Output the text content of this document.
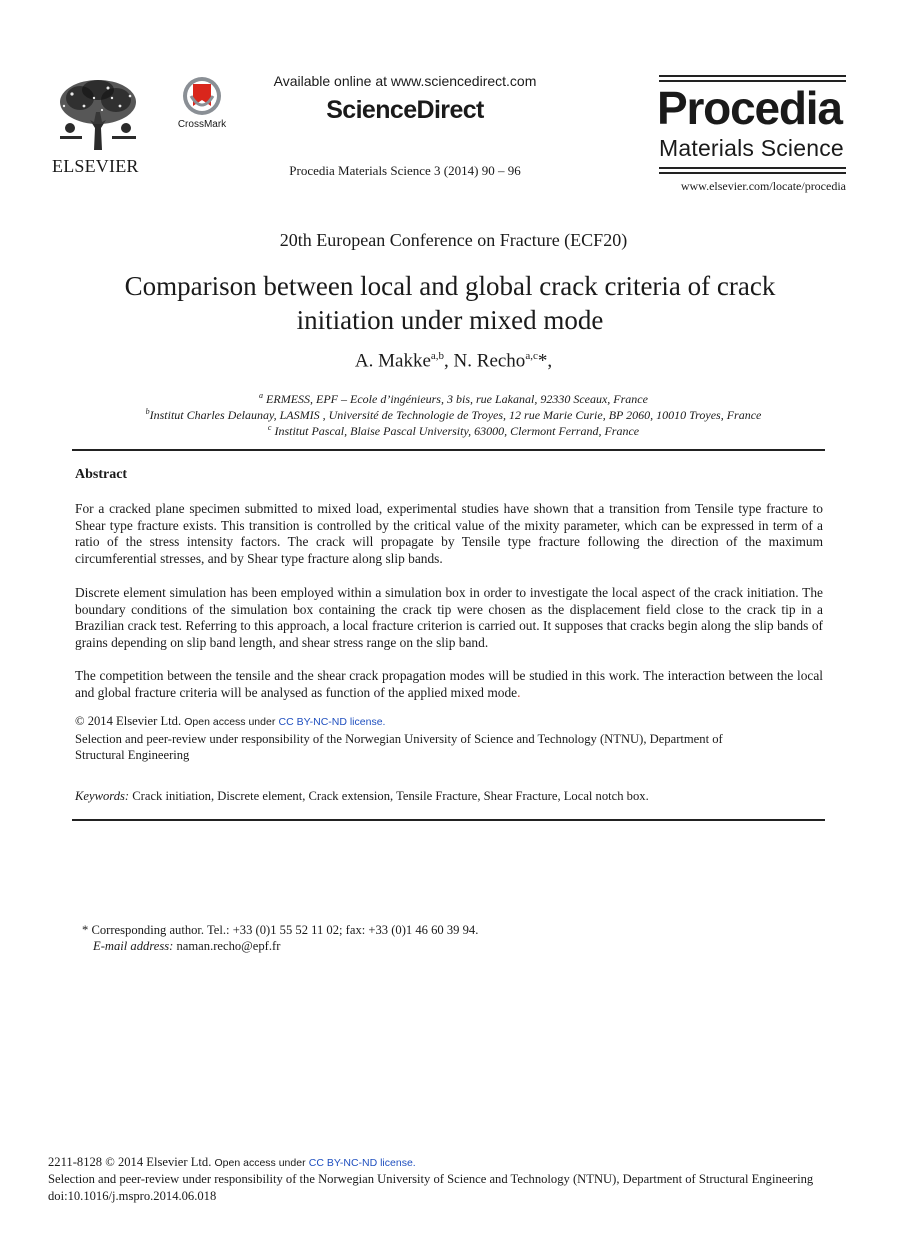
ELSEVIER
CrossMark
Available online at www.sciencedirect.com
ScienceDirect
Procedia Materials Science 3 (2014) 90 – 96
Procedia
Materials Science
www.elsevier.com/locate/procedia
20th European Conference on Fracture (ECF20)
Comparison between local and global crack criteria of crack initiation under mixed mode
A. Makke$^{a,b}$, N. Recho$^{a,c}$*,
$^a$ ERMESS, EPF – Ecole d’ingénieurs, 3 bis, rue Lakanal, 92330 Sceaux, France
$^b$Institut Charles Delaunay, LASMIS , Université de Technologie de Troyes, 12 rue Marie Curie, BP 2060, 10010 Troyes, France
$^c$ Institut Pascal, Blaise Pascal University, 63000, Clermont Ferrand, France
Abstract
For a cracked plane specimen submitted to mixed load, experimental studies have shown that a transition from Tensile type fracture to Shear type fracture exists. This transition is controlled by the critical value of the mixity parameter, which can be expressed in term of a ratio of the stress intensity factors. The crack will propagate by Tensile type fracture following the direction of the maximum circumferential stresses, and by Shear type fracture along slip bands.
Discrete element simulation has been employed within a simulation box in order to investigate the local aspect of the crack initiation. The boundary conditions of the simulation box containing the crack tip were chosen as the displacement field close to the crack tip in a Brazilian crack test. Referring to this approach, a local fracture criterion is carried out. It supposes that cracks begin along the slip bands of grains depending on slip band length, and shear stress range on the slip band.
The competition between the tensile and the shear crack propagation modes will be studied in this work. The interaction between the local and global fracture criteria will be analysed as function of the applied mixed mode.
© 2014 Elsevier Ltd. Open access under CC BY-NC-ND license.
Selection and peer-review under responsibility of the Norwegian University of Science and Technology (NTNU), Department of Structural Engineering
Keywords: Crack initiation, Discrete element, Crack extension, Tensile Fracture, Shear Fracture, Local notch box.
* Corresponding author. Tel.: +33 (0)1 55 52 11 02; fax: +33 (0)1 46 60 39 94.
E-mail address: naman.recho@epf.fr
2211-8128 © 2014 Elsevier Ltd. Open access under CC BY-NC-ND license.
Selection and peer-review under responsibility of the Norwegian University of Science and Technology (NTNU), Department of Structural Engineering
doi:10.1016/j.mspro.2014.06.018
